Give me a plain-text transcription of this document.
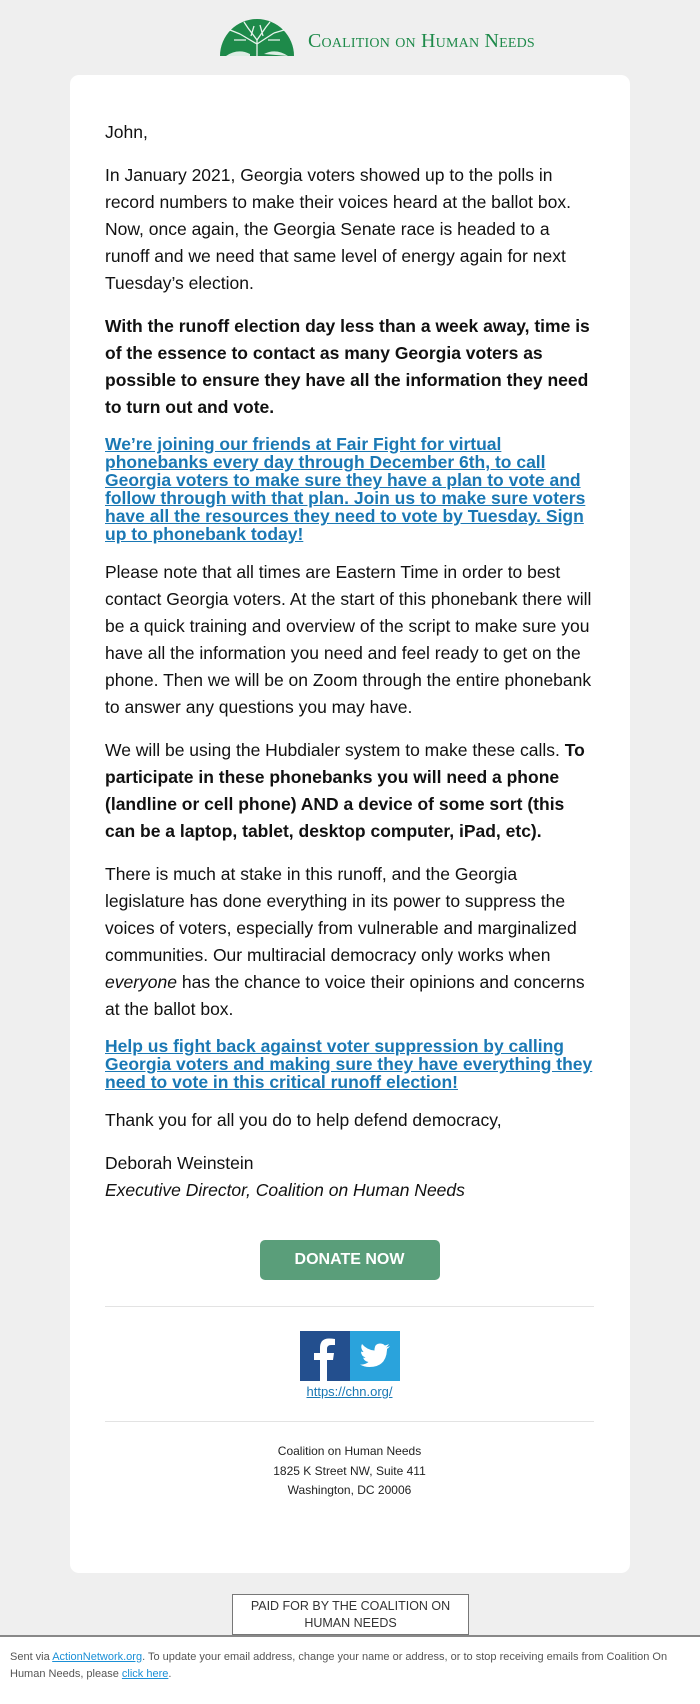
Coalition on Human Needs

John,

In January 2021, Georgia voters showed up to the polls in record numbers to make their voices heard at the ballot box. Now, once again, the Georgia Senate race is headed to a runoff and we need that same level of energy again for next Tuesday’s election.

With the runoff election day less than a week away, time is of the essence to contact as many Georgia voters as possible to ensure they have all the information they need to turn out and vote.

We’re joining our friends at Fair Fight for virtual phonebanks every day through December 6th, to call Georgia voters to make sure they have a plan to vote and follow through with that plan. Join us to make sure voters have all the resources they need to vote by Tuesday. Sign up to phonebank today!

Please note that all times are Eastern Time in order to best contact Georgia voters. At the start of this phonebank there will be a quick training and overview of the script to make sure you have all the information you need and feel ready to get on the phone. Then we will be on Zoom through the entire phonebank to answer any questions you may have.

We will be using the Hubdialer system to make these calls. To participate in these phonebanks you will need a phone (landline or cell phone) AND a device of some sort (this can be a laptop, tablet, desktop computer, iPad, etc).

There is much at stake in this runoff, and the Georgia legislature has done everything in its power to suppress the voices of voters, especially from vulnerable and marginalized communities. Our multiracial democracy only works when everyone has the chance to voice their opinions and concerns at the ballot box.

Help us fight back against voter suppression by calling Georgia voters and making sure they have everything they need to vote in this critical runoff election!

Thank you for all you do to help defend democracy,

Deborah Weinstein

Executive Director, Coalition on Human Needs

DONATE NOW
https://chn.org/
Coalition on Human Needs
1825 K Street NW, Suite 411
Washington, DC 20006
PAID FOR BY THE COALITION ON HUMAN NEEDS
Sent via ActionNetwork.org. To update your email address, change your name or address, or to stop receiving emails from Coalition On Human Needs, please click here.
